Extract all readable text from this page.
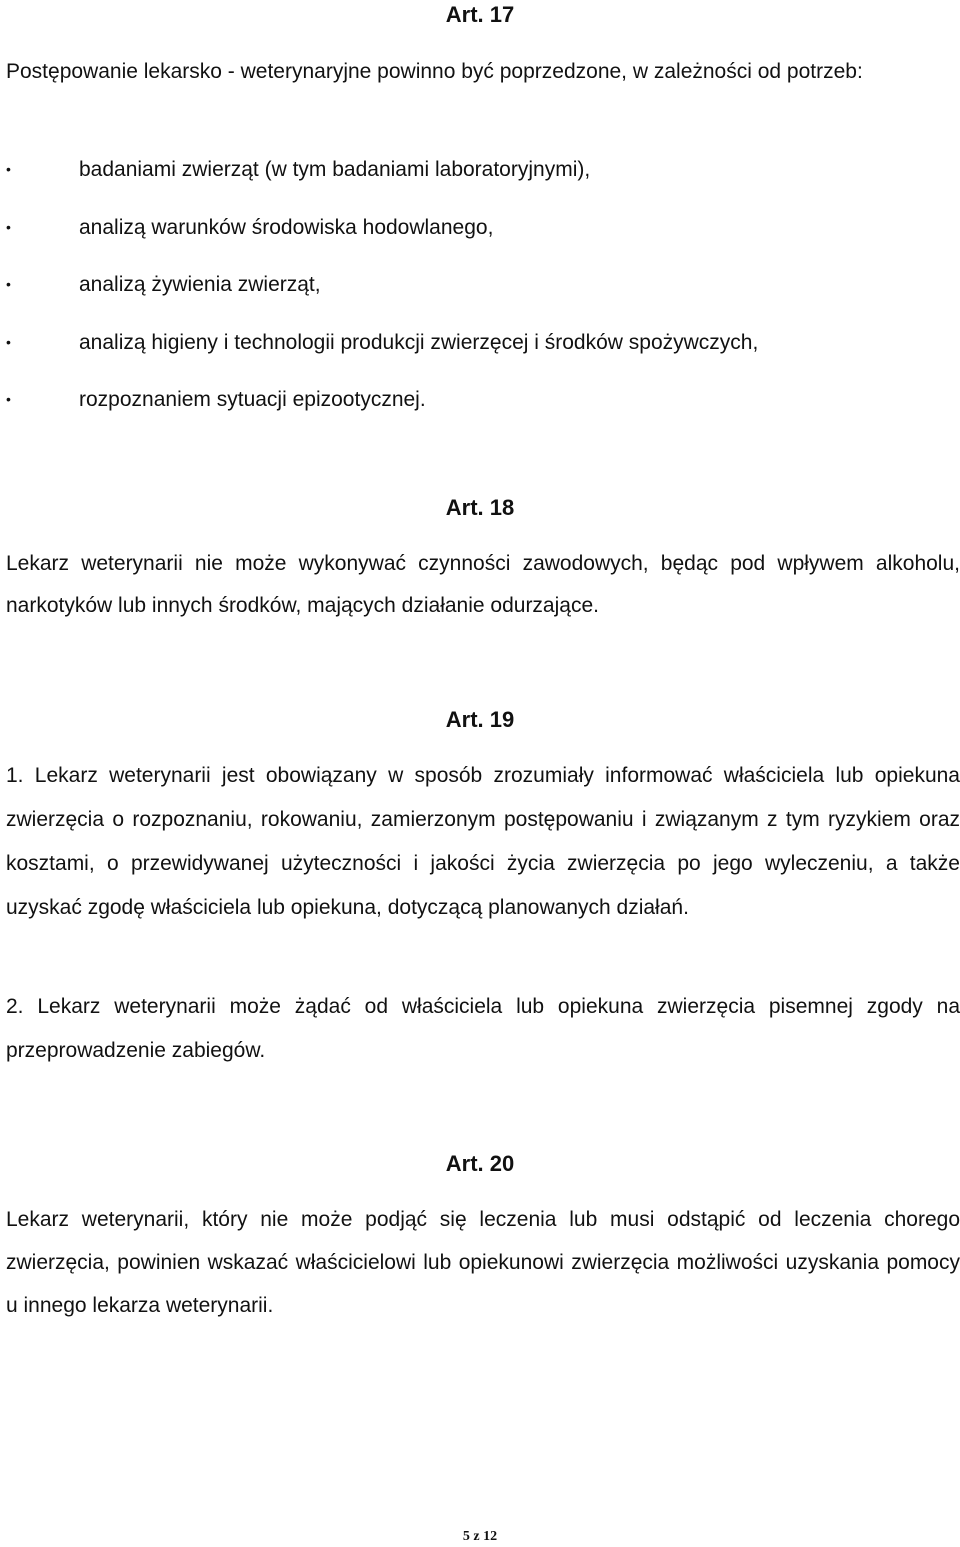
Art. 17

Postępowanie lekarsko - weterynaryjne powinno być poprzedzone, w zależności od potrzeb:

•	badaniami zwierząt (w tym badaniami laboratoryjnymi),
•	analizą warunków środowiska hodowlanego,
•	analizą żywienia zwierząt,
•	analizą higieny i technologii produkcji zwierzęcej i środków spożywczych,
•	rozpoznaniem sytuacji epizootycznej.
Art. 18

Lekarz weterynarii nie może wykonywać czynności zawodowych, będąc pod wpływem alkoholu, narkotyków lub innych środków, mających działanie odurzające.

Art. 19

1. Lekarz weterynarii jest obowiązany w sposób zrozumiały informować właściciela lub opiekuna zwierzęcia o rozpoznaniu, rokowaniu, zamierzonym postępowaniu i związanym z tym ryzykiem oraz kosztami, o przewidywanej użyteczności i jakości życia zwierzęcia po jego wyleczeniu, a także uzyskać zgodę właściciela lub opiekuna, dotyczącą planowanych działań.

2. Lekarz weterynarii może żądać od właściciela lub opiekuna zwierzęcia pisemnej zgody na przeprowadzenie zabiegów.

Art. 20

Lekarz weterynarii, który nie może podjąć się leczenia lub musi odstąpić od leczenia chorego zwierzęcia, powinien wskazać właścicielowi lub opiekunowi zwierzęcia możliwości uzyskania pomocy u innego lekarza weterynarii.

5 z 12
